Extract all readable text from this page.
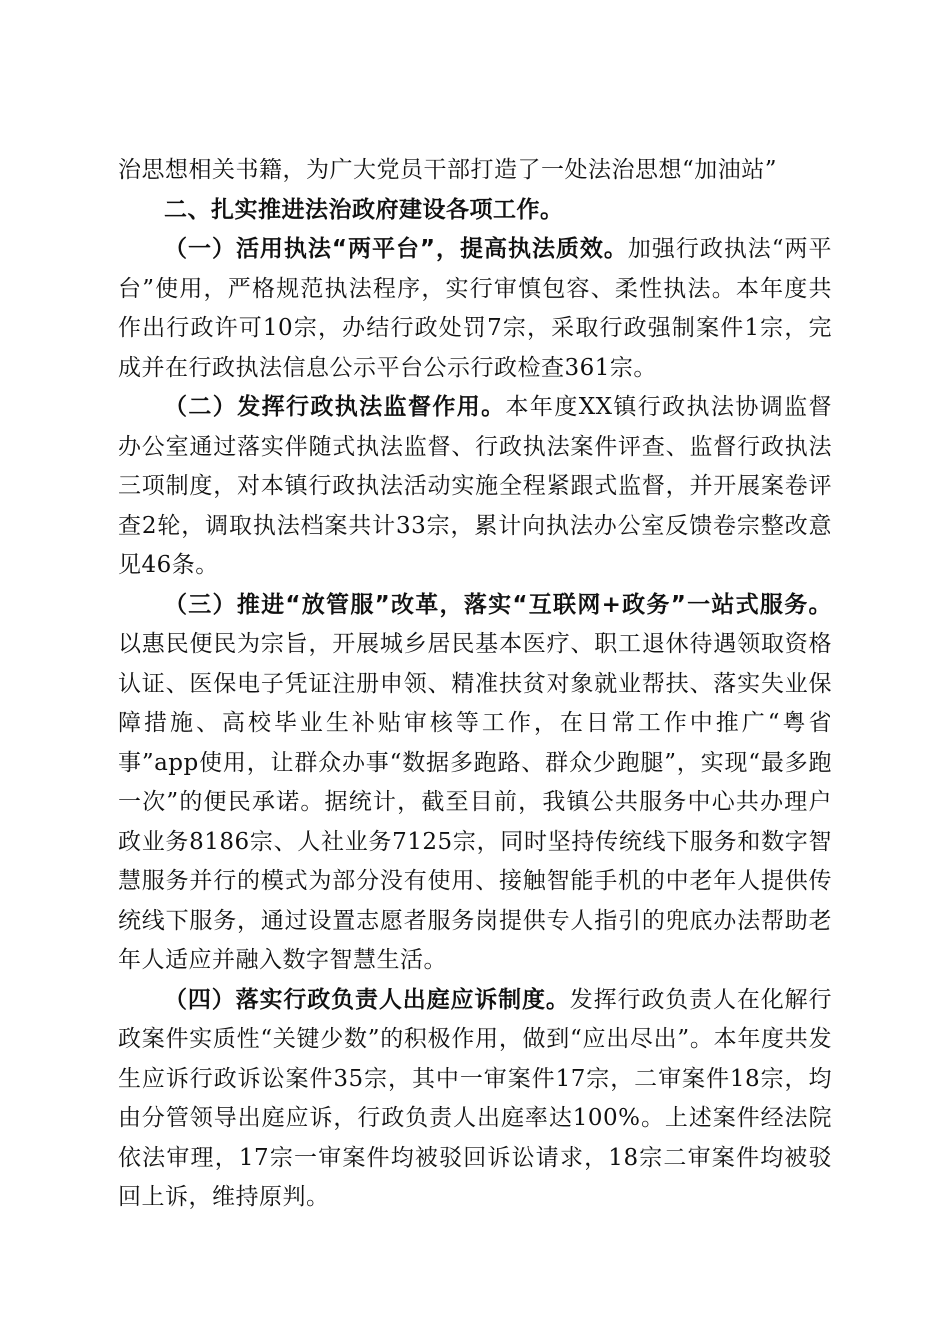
治思想相关书籍，为广大党员干部打造了一处法治思想“加油站”

二、扎实推进法治政府建设各项工作。

（一）活用执法“两平台”，提高执法质效。加强行政执法“两平台”使用，严格规范执法程序，实行审慎包容、柔性执法。本年度共作出行政许可10宗，办结行政处罚7宗，采取行政强制案件1宗，完成并在行政执法信息公示平台公示行政检查361宗。

（二）发挥行政执法监督作用。本年度XX镇行政执法协调监督办公室通过落实伴随式执法监督、行政执法案件评查、监督行政执法三项制度，对本镇行政执法活动实施全程紧跟式监督，并开展案卷评查2轮，调取执法档案共计33宗，累计向执法办公室反馈卷宗整改意见46条。

（三）推进“放管服”改革，落实“互联网+政务”一站式服务。以惠民便民为宗旨，开展城乡居民基本医疗、职工退休待遇领取资格认证、医保电子凭证注册申领、精准扶贫对象就业帮扶、落实失业保障措施、高校毕业生补贴审核等工作，在日常工作中推广“粤省事”app使用，让群众办事“数据多跑路、群众少跑腿”，实现“最多跑一次”的便民承诺。据统计，截至目前，我镇公共服务中心共办理户政业务8186宗、人社业务7125宗，同时坚持传统线下服务和数字智慧服务并行的模式为部分没有使用、接触智能手机的中老年人提供传统线下服务，通过设置志愿者服务岗提供专人指引的兜底办法帮助老年人适应并融入数字智慧生活。

（四）落实行政负责人出庭应诉制度。发挥行政负责人在化解行政案件实质性“关键少数”的积极作用，做到“应出尽出”。本年度共发生应诉行政诉讼案件35宗，其中一审案件17宗，二审案件18宗，均由分管领导出庭应诉，行政负责人出庭率达100%。上述案件经法院依法审理，17宗一审案件均被驳回诉讼请求，18宗二审案件均被驳回上诉，维持原判。
